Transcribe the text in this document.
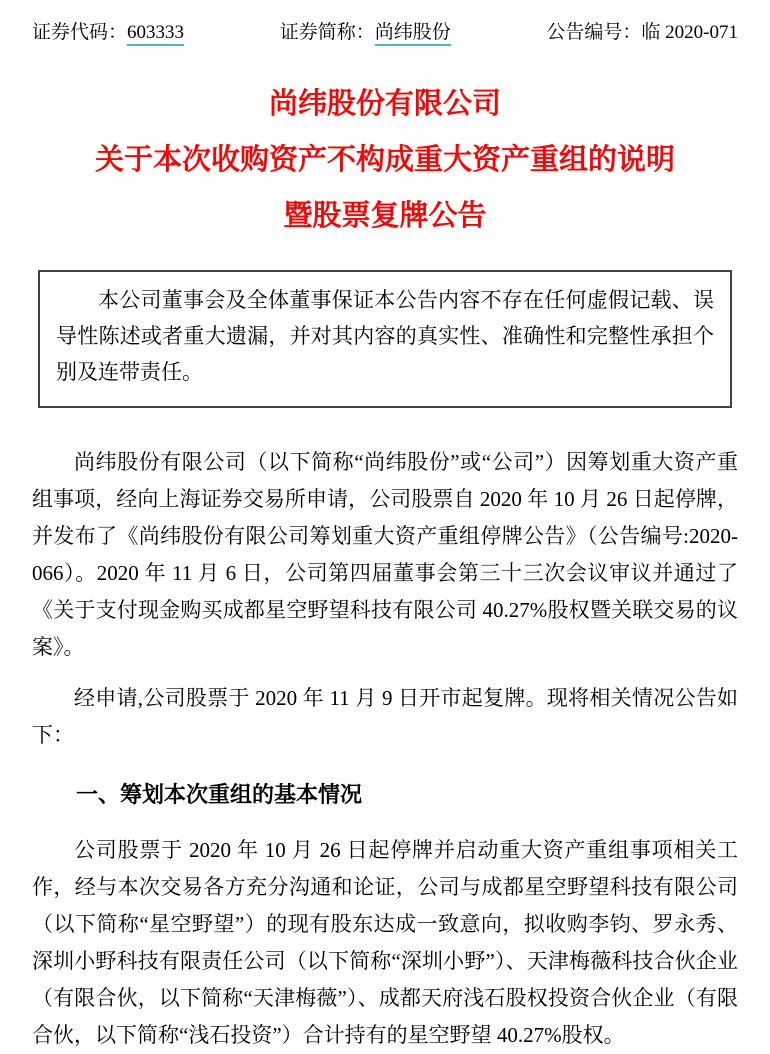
证券代码：603333	证券简称：尚纬股份	公告编号：临 2020-071
尚纬股份有限公司
关于本次收购资产不构成重大资产重组的说明
暨股票复牌公告

本公司董事会及全体董事保证本公告内容不存在任何虚假记载、误导性陈述或者重大遗漏，并对其内容的真实性、准确性和完整性承担个别及连带责任。

尚纬股份有限公司（以下简称“尚纬股份”或“公司”）因筹划重大资产重组事项，经向上海证券交易所申请，公司股票自 2020 年 10 月 26 日起停牌，并发布了《尚纬股份有限公司筹划重大资产重组停牌公告》（公告编号:2020-066）。2020 年 11 月 6 日，公司第四届董事会第三十三次会议审议并通过了《关于支付现金购买成都星空野望科技有限公司 40.27%股权暨关联交易的议案》。

经申请,公司股票于 2020 年 11 月 9 日开市起复牌。现将相关情况公告如下：

一、筹划本次重组的基本情况

公司股票于 2020 年 10 月 26 日起停牌并启动重大资产重组事项相关工作，经与本次交易各方充分沟通和论证，公司与成都星空野望科技有限公司（以下简称“星空野望”）的现有股东达成一致意向，拟收购李钧、罗永秀、深圳小野科技有限责任公司（以下简称“深圳小野”）、天津梅薇科技合伙企业（有限合伙，以下简称“天津梅薇”）、成都天府浅石股权投资合伙企业（有限合伙，以下简称“浅石投资”）合计持有的星空野望 40.27%股权。
